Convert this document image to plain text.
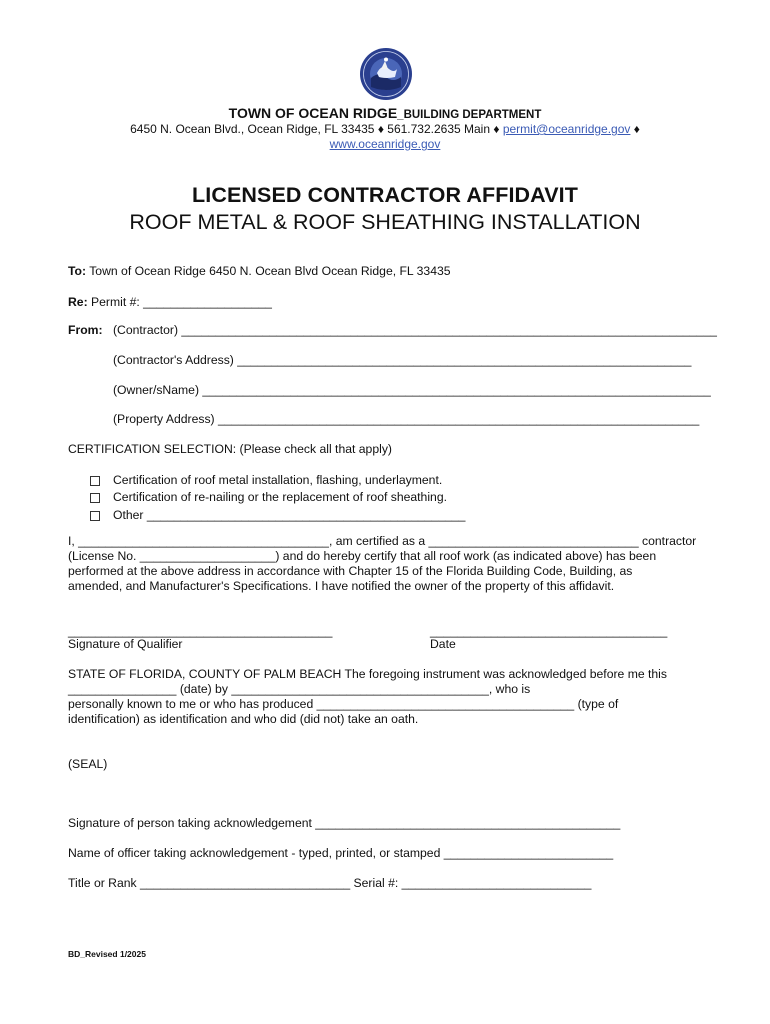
TOWN OF OCEAN RIDGE_BUILDING DEPARTMENT
6450 N. Ocean Blvd., Ocean Ridge, FL 33435 ♦ 561.732.2635 Main ♦ permit@oceanridge.gov ♦
www.oceanridge.gov
LICENSED CONTRACTOR AFFIDAVIT
ROOF METAL & ROOF SHEATHING INSTALLATION
To: Town of Ocean Ridge 6450 N. Ocean Blvd Ocean Ridge, FL 33435
Re: Permit #: ___________________
From: (Contractor) _______________________________________________________________________________
(Contractor's Address) ___________________________________________________________________
(Owner/sName) ___________________________________________________________________________
(Property Address) _______________________________________________________________________
CERTIFICATION SELECTION: (Please check all that apply)
Certification of roof metal installation, flashing, underlayment.
Certification of re-nailing or the replacement of roof sheathing.
Other _______________________________________________
I, _____________________________________, am certified as a _______________________________ contractor
(License No. ____________________) and do hereby certify that all roof work (as indicated above) has been
performed at the above address in accordance with Chapter 15 of the Florida Building Code, Building, as
amended, and Manufacturer's Specifications. I have notified the owner of the property of this affidavit.
_______________________________________
Signature of Qualifier
___________________________________
Date
STATE OF FLORIDA, COUNTY OF PALM BEACH The foregoing instrument was acknowledged before me this
________________ (date) by ______________________________________, who is
personally known to me or who has produced ______________________________________ (type of
identification) as identification and who did (did not) take an oath.
(SEAL)
Signature of person taking acknowledgement _____________________________________________
Name of officer taking acknowledgement - typed, printed, or stamped _________________________
Title or Rank _______________________________ Serial #: ____________________________
BD_Revised 1/2025
